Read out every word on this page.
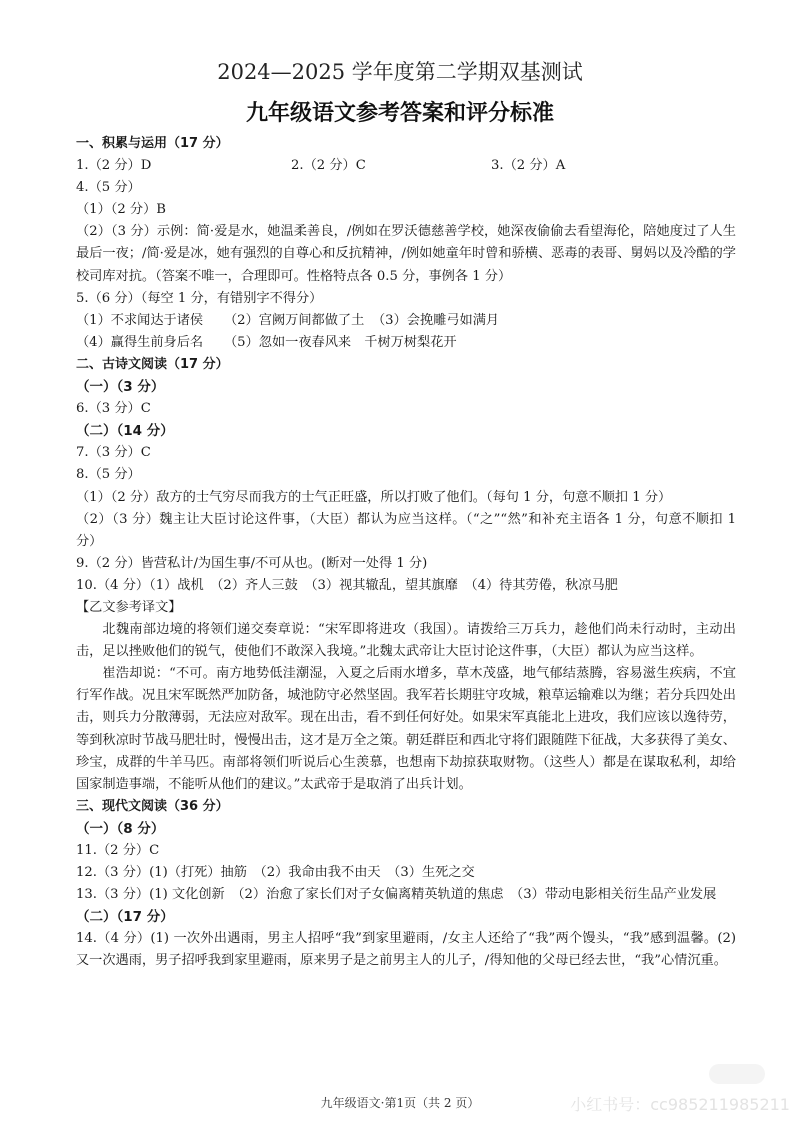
2024—2025 学年度第二学期双基测试
九年级语文参考答案和评分标准
一、积累与运用（17 分）
1.（2 分）D	2.（2 分）C	3.（2 分）A
4.（5 分）
（1）（2 分）B
（2）（3 分）示例：简·爱是水，她温柔善良，/例如在罗沃德慈善学校，她深夜偷偷去看望海伦，陪她度过了人生最后一夜；/简·爱是冰，她有强烈的自尊心和反抗精神，/例如她童年时曾和骄横、恶毒的表哥、舅妈以及冷酷的学校司库对抗。（答案不唯一，合理即可。性格特点各 0.5 分，事例各 1 分）
5.（6 分）（每空 1 分，有错别字不得分）
（1）不求闻达于诸侯 （2）宫阙万间都做了土 （3）会挽雕弓如满月
（4）赢得生前身后名 （5）忽如一夜春风来　千树万树梨花开
二、古诗文阅读（17 分）
（一）（3 分）
6.（3 分）C
（二）（14 分）
7.（3 分）C
8.（5 分）
（1）（2 分）敌方的士气穷尽而我方的士气正旺盛，所以打败了他们。（每句 1 分，句意不顺扣 1 分）
（2）（3 分）魏主让大臣讨论这件事，（大臣）都认为应当这样。（“之”“然”和补充主语各 1 分，句意不顺扣 1 分）
9.（2 分）皆营私计/为国生事/不可从也。(断对一处得 1 分)
10.（4 分）（1）战机　（2）齐人三鼓　（3）视其辙乱，望其旗靡　（4）待其劳倦，秋凉马肥
【乙文参考译文】
北魏南部边境的将领们递交奏章说：“宋军即将进攻（我国）。请拨给三万兵力，趁他们尚未行动时，主动出击，足以挫败他们的锐气，使他们不敢深入我境。”北魏太武帝让大臣讨论这件事，（大臣）都认为应当这样。
崔浩却说：“不可。南方地势低洼潮湿，入夏之后雨水增多，草木茂盛，地气郁结蒸腾，容易滋生疾病，不宜行军作战。况且宋军既然严加防备，城池防守必然坚固。我军若长期驻守攻城，粮草运输难以为继；若分兵四处出击，则兵力分散薄弱，无法应对敌军。现在出击，看不到任何好处。如果宋军真能北上进攻，我们应该以逸待劳，等到秋凉时节战马肥壮时，慢慢出击，这才是万全之策。朝廷群臣和西北守将们跟随陛下征战，大多获得了美女、珍宝，成群的牛羊马匹。南部将领们听说后心生羡慕，也想南下劫掠获取财物。（这些人）都是在谋取私利，却给国家制造事端，不能听从他们的建议。”太武帝于是取消了出兵计划。
三、现代文阅读（36 分）
（一）（8 分）
11.（2 分）C
12.（3 分）(1)（打死）抽筋　（2）我命由我不由天　（3）生死之交
13.（3 分）(1) 文化创新　（2）治愈了家长们对子女偏离精英轨道的焦虑　（3）带动电影相关衍生品产业发展
（二）（17 分）
14.（4 分）(1) 一次外出遇雨，男主人招呼“我”到家里避雨，/女主人还给了“我”两个馒头，“我”感到温馨。(2) 又一次遇雨，男子招呼我到家里避雨，原来男子是之前男主人的儿子，/得知他的父母已经去世，“我”心情沉重。
九年级语文·第1页（共 2 页）	小红书号：cc985211985211
